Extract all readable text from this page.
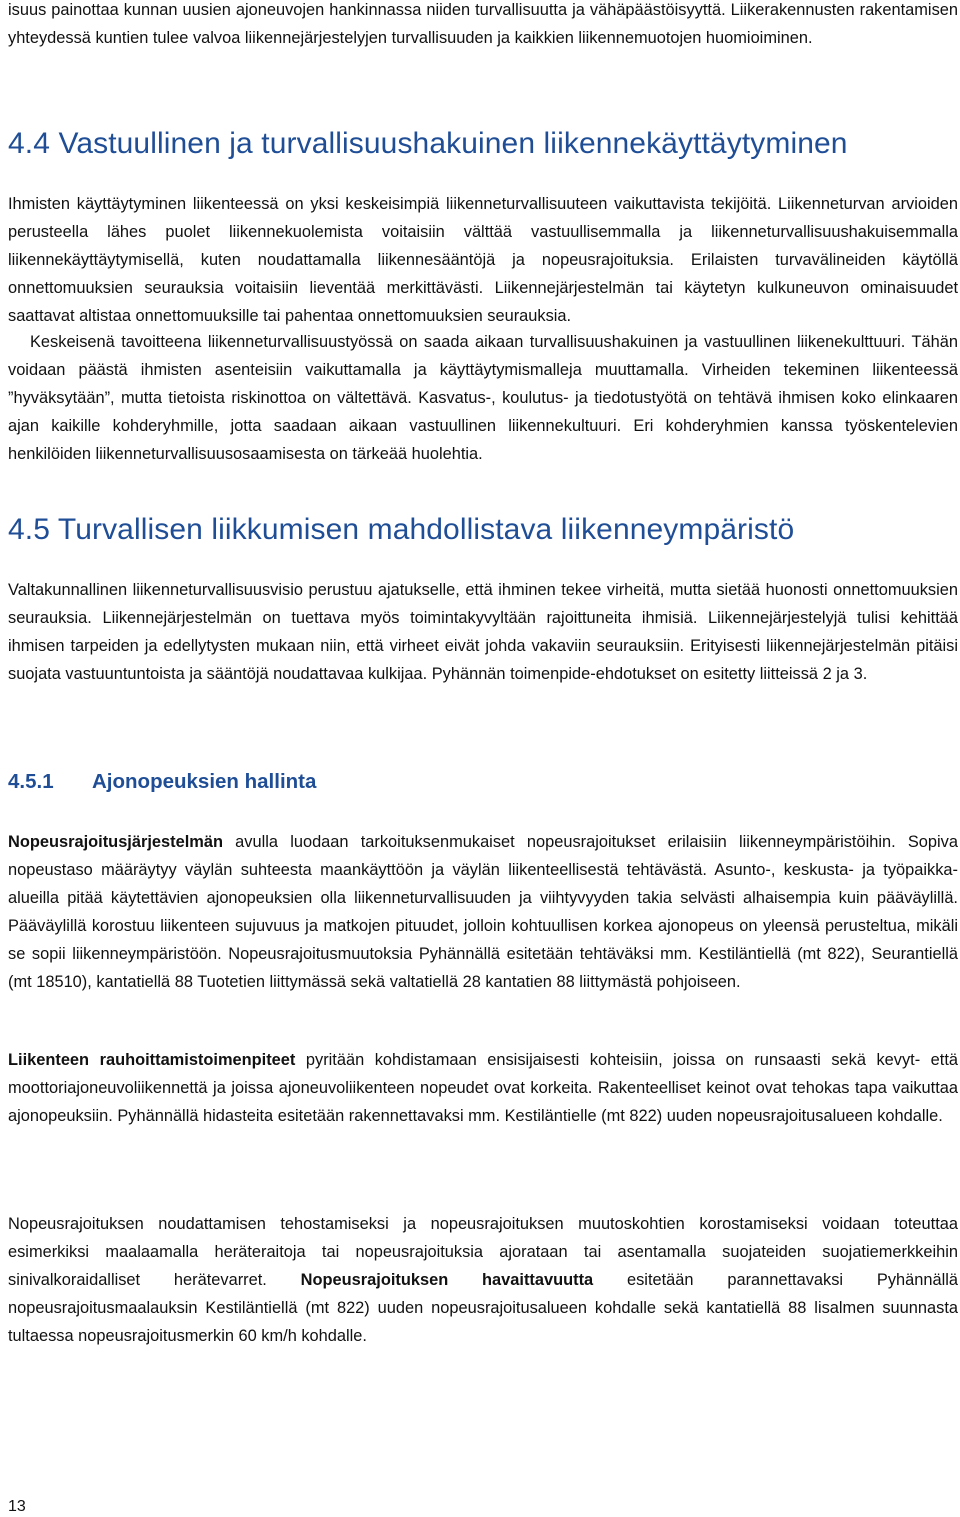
isuus painottaa kunnan uusien ajoneuvojen hankinnassa niiden turvallisuutta ja vähäpäästöisyyttä. Liikerakennusten rakentamisen yhteydessä kuntien tulee valvoa liikennejärjestelyjen turvallisuuden ja kaikkien liikennemuotojen huomioiminen.

4.4 Vastuullinen ja turvallisuushakuinen liikennekäyttäytyminen

Ihmisten käyttäytyminen liikenteessä on yksi keskeisimpiä liikenneturvallisuuteen vaikuttavista tekijöitä. Liikenneturvan arvioiden perusteella lähes puolet liikennekuolemista voitaisiin välttää vastuullisemmalla ja liikenneturvallisuushakuisemmalla liikennekäyttäytymisellä, kuten noudattamalla liikennesääntöjä ja nopeusrajoituksia. Erilaisten turvavälineiden käytöllä onnettomuuksien seurauksia voitaisiin lieventää merkittävästi. Liikennejärjestelmän tai käytetyn kulkuneuvon ominaisuudet saattavat altistaa onnettomuuksille tai pahentaa onnettomuuksien seurauksia.

Keskeisenä tavoitteena liikenneturvallisuustyössä on saada aikaan turvallisuushakuinen ja vastuullinen liikenekulttuuri. Tähän voidaan päästä ihmisten asenteisiin vaikuttamalla ja käyttäytymismalleja muuttamalla. Virheiden tekeminen liikenteessä ”hyväksytään”, mutta tietoista riskinottoa on vältettävä. Kasvatus-, koulutus- ja tiedotustyötä on tehtävä ihmisen koko elinkaaren ajan kaikille kohderyhmille, jotta saadaan aikaan vastuullinen liikennekultuuri. Eri kohderyhmien kanssa työskentelevien henkilöiden liikenneturvallisuusosaamisesta on tärkeää huolehtia.

4.5 Turvallisen liikkumisen mahdollistava liikenneympäristö

Valtakunnallinen liikenneturvallisuusvisio perustuu ajatukselle, että ihminen tekee virheitä, mutta sietää huonosti onnettomuuksien seurauksia. Liikennejärjestelmän on tuettava myös toimintakyvyltään rajoittuneita ihmisiä. Liikennejärjestelyjä tulisi kehittää ihmisen tarpeiden ja edellytysten mukaan niin, että virheet eivät johda vakaviin seurauksiin. Erityisesti liikennejärjestelmän pitäisi suojata vastuuntuntoista ja sääntöjä noudattavaa kulkijaa. Pyhännän toimenpide-ehdotukset on esitetty liitteissä 2 ja 3.

4.5.1 Ajonopeuksien hallinta

Nopeusrajoitusjärjestelmän avulla luodaan tarkoituksenmukaiset nopeusrajoitukset erilaisiin liikenneympäristöihin. Sopiva nopeustaso määräytyy väylän suhteesta maankäyttöön ja väylän liikenteellisestä tehtävästä. Asunto-, keskusta- ja työpaikka-alueilla pitää käytettävien ajonopeuksien olla liikenneturvallisuuden ja viihtyvyyden takia selvästi alhaisempia kuin pääväylillä. Pääväylillä korostuu liikenteen sujuvuus ja matkojen pituudet, jolloin kohtuullisen korkea ajonopeus on yleensä perusteltua, mikäli se sopii liikenneympäristöön. Nopeusrajoitusmuutoksia Pyhännällä esitetään tehtäväksi mm. Kestiläntiellä (mt 822), Seurantiellä (mt 18510), kantatiellä 88 Tuotetien liittymässä sekä valtatiellä 28 kantatien 88 liittymästä pohjoiseen.

Liikenteen rauhoittamistoimenpiteet pyritään kohdistamaan ensisijaisesti kohteisiin, joissa on runsaasti sekä kevyt- että moottoriajoneuvoliikennettä ja joissa ajoneuvoliikenteen nopeudet ovat korkeita. Rakenteelliset keinot ovat tehokas tapa vaikuttaa ajonopeuksiin. Pyhännällä hidasteita esitetään rakennettavaksi mm. Kestiläntielle (mt 822) uuden nopeusrajoitusalueen kohdalle.

Nopeusrajoituksen noudattamisen tehostamiseksi ja nopeusrajoituksen muutoskohtien korostamiseksi voidaan toteuttaa esimerkiksi maalaamalla heräteraitoja tai nopeusrajoituksia ajorataan tai asentamalla suojateiden suojatiemerkkeihin sinivalkoraidalliset herätevarret. Nopeusrajoituksen havaittavuutta esitetään parannettavaksi Pyhännällä nopeusrajoitusmaalauksin Kestiläntiellä (mt 822) uuden nopeusrajoitusalueen kohdalle sekä kantatiellä 88 lisalmen suunnasta tultaessa nopeusrajoitusmerkin 60 km/h kohdalle.

13
